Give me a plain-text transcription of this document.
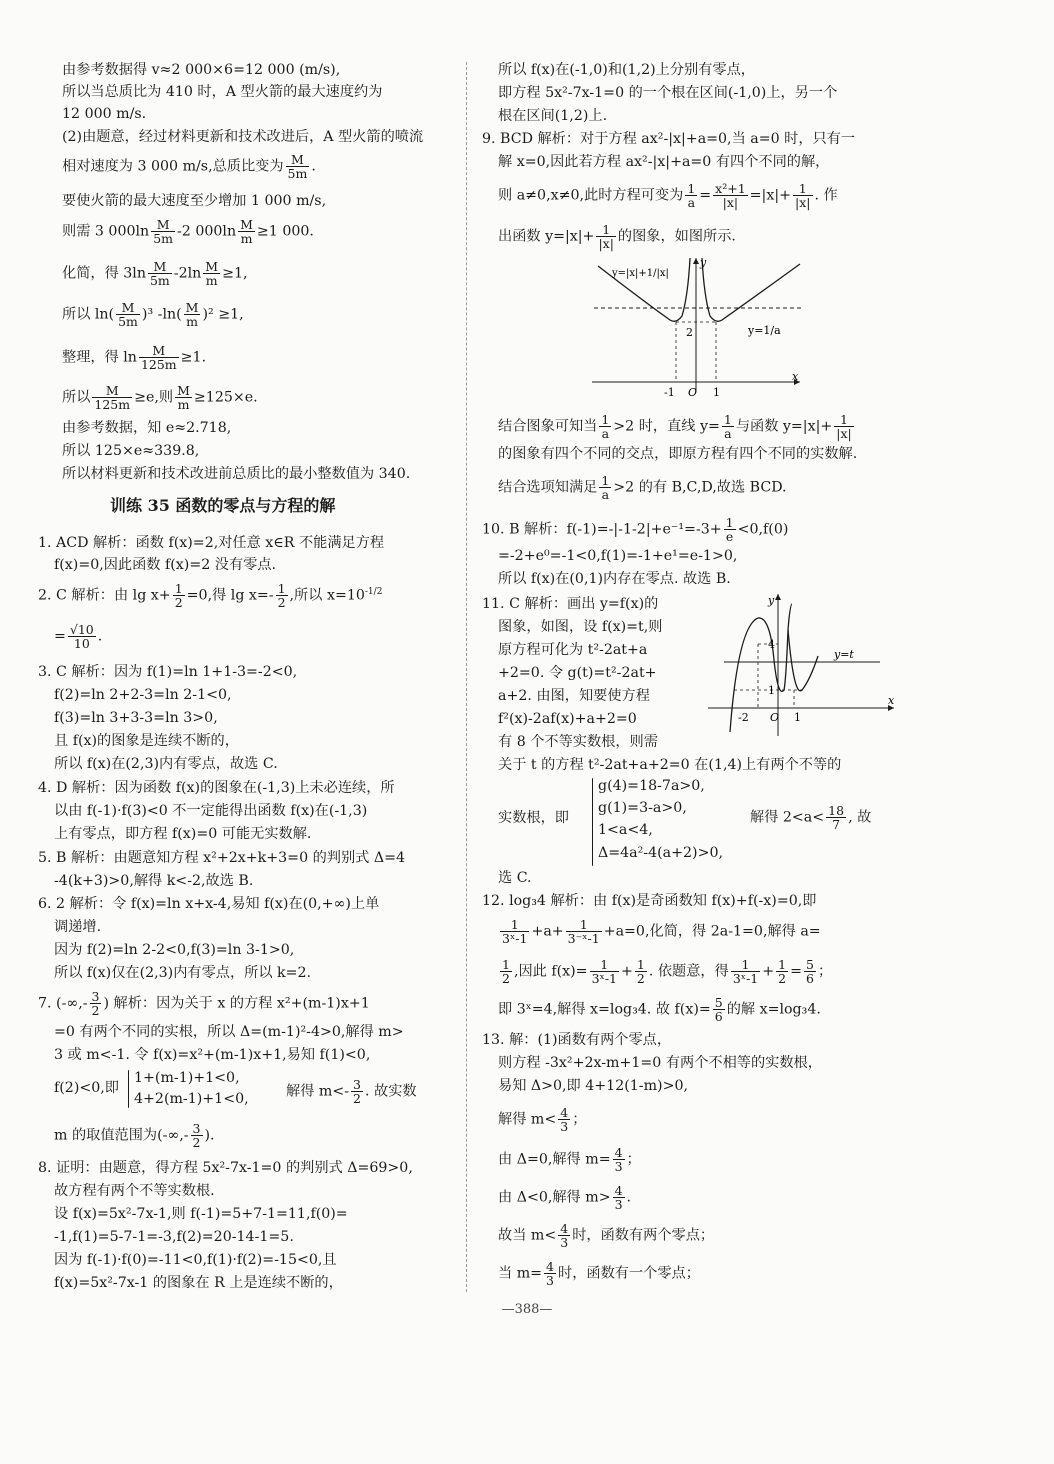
由参考数据得 v≈2 000×6=12 000 (m/s),
所以当总质比为 410 时，A 型火箭的最大速度约为
12 000 m/s.
(2)由题意，经过材料更新和技术改进后，A 型火箭的喷流
相对速度为 3 000 m/s,总质比变为 $\frac{M}{5m}$ .
要使火箭的最大速度至少增加 1 000 m/s,
则需 3 $000\ln \frac{M}{5m} -2$ $000\ln \frac{M}{m} \ge 1$ 000.
化简，得 $3\ln \frac{M}{5m} -2\ln \frac{M}{m} \ge 1$,
所以 $\ln( \frac{M}{5m} )^3$ $-\ln( \frac{M}{m} )^2 \ge 1$,
整理，得 $\ln \frac{M}{125m} \ge 1$.
所以 $\frac{M}{125m} \ge e$,则 $\frac{M}{m} \ge 125\times e$.
由参考数据，知 e≈2.718,
所以 125×e≈339.8,
所以材料更新和技术改进前总质比的最小整数值为 340.
训练 35 函数的零点与方程的解
1. ACD 解析：函数 f(x)=2,对任意 x∈R 不能满足方程
f(x)=0,因此函数 f(x)=2 没有零点.
2. C 解析：由 $\lg x+ \frac{1}{2} =0$,得 $\lg x=- \frac{1}{2}$ ,所以 $x=10^{-1/2}$
= $\frac{√10}{10}$ .
3. C 解析：因为 f(1)=ln 1+1-3=-2<0,
f(2)=ln 2+2-3=ln 2-1<0,
f(3)=ln 3+3-3=ln 3>0,
且 f(x)的图象是连续不断的，
所以 f(x)在(2,3)内有零点，故选 C.
4. D 解析：因为函数 f(x)的图象在(-1,3)上未必连续，所
以由 f(-1)·f(3)<0 不一定能得出函数 f(x)在(-1,3)
上有零点，即方程 f(x)=0 可能无实数解.
5. B 解析：由题意知方程 x²+2x+k+3=0 的判别式 Δ=4
-4(k+3)>0,解得 k<-2,故选 B.
6. 2 解析：令 f(x)=ln x+x-4,易知 f(x)在(0,+∞)上单
调递增.
因为 f(2)=ln 2-2<0,f(3)=ln 3-1>0,
所以 f(x)仅在(2,3)内有零点，所以 k=2.
7. (-∞,- $\frac{3}{2}$ ) 解析：因为关于 x 的方程 x²+(m-1)x+1
=0 有两个不同的实根，所以 Δ=(m-1)²-4>0,解得 m>
3 或 m<-1. 令 f(x)=x²+(m-1)x+1,易知 f(1)<0,
f(2)<0,即
1+(m-1)+1<0,
4+2(m-1)+1<0,	解得 $m<- \frac{3}{2}$ . 故实数
m 的取值范围为(-∞,- $\frac{3}{2}$ ).
8. 证明：由题意，得方程 5x²-7x-1=0 的判别式 Δ=69>0,
故方程有两个不等实数根.
设 f(x)=5x²-7x-1,则 f(-1)=5+7-1=11,f(0)=
-1,f(1)=5-7-1=-3,f(2)=20-14-1=5.
因为 f(-1)·f(0)=-11<0,f(1)·f(2)=-15<0,且
f(x)=5x²-7x-1 的图象在 R 上是连续不断的，
所以 f(x)在(-1,0)和(1,2)上分别有零点，
即方程 5x²-7x-1=0 的一个根在区间(-1,0)上，另一个
根在区间(1,2)上.
9. BCD 解析：对于方程 ax²-|x|+a=0,当 a=0 时，只有一
解 x=0,因此若方程 ax²-|x|+a=0 有四个不同的解，
则 a≠0,x≠0,此时方程可变为 $\frac{1}{a} = \frac{\text{x²+1}}{|x|} =|x|+ \frac{1}{|x|}$ . 作
出函数 $y=|x|+ \frac{1}{|x|}$ 的图象，如图所示.
y=|x|+1/|x|
y=1/a
x
y
-1 O 1
2
结合图象可知当 $\frac{1}{a} >2$ 时，直线 $y= \frac{1}{a}$ 与函数 $y=|x|+ \frac{1}{|x|}$
的图象有四个不同的交点，即原方程有四个不同的实数解.
结合选项知满足 $\frac{1}{a} >2$ 的有 B,C,D,故选 BCD.
10. B 解析：$f(-1)=-|-1-2|+e^{-1}=-3+ \frac{1}{e} <0,f(0)$
=-2+e⁰=-1<0,f(1)=-1+e¹=e-1>0,
所以 f(x)在(0,1)内存在零点. 故选 B.
11. C 解析：画出 y=f(x)的
图象，如图，设 f(x)=t,则
原方程可化为 t²-2at+a
+2=0. 令 g(t)=t²-2at+
a+2. 由图，知要使方程
f²(x)-2af(x)+a+2=0
有 8 个不等实数根，则需
y=t
x
y
-2 O 1
1
4
关于 t 的方程 t²-2at+a+2=0 在(1,4)上有两个不等的
实数根，即
g(4)=18-7a>0,
g(1)=3-a>0,
1<a<4,
Δ=4a²-4(a+2)>0,
解得 $2<a< \frac{18}{7}$ , 故
选 C.
12. log₃4 解析：由 f(x)是奇函数知 f(x)+f(-x)=0,即
$\frac{1}{\text{3ˣ-1}} +a+ \frac{1}{\text{3⁻ˣ-1}} +a=0$,化简，得 2a-1=0,解得 a=
$\frac{1}{2}$ ,因此 $f(x)= \frac{1}{\text{3ˣ-1}} + \frac{1}{2}$ . 依题意，得 $\frac{1}{\text{3ˣ-1}} + \frac{1}{2} = \frac{5}{6}$ ；
即 3ˣ=4,解得 x=log₃4. 故 $f(x)= \frac{5}{6}$ 的解 x=log₃4.
13. 解：(1)函数有两个零点，
则方程 -3x²+2x-m+1=0 有两个不相等的实数根，
易知 Δ>0,即 4+12(1-m)>0,
解得 $m< \frac{4}{3}$ ；
由 Δ=0,解得 $m= \frac{4}{3}$ ；
由 Δ<0,解得 $m> \frac{4}{3}$ .
故当 $m< \frac{4}{3}$ 时，函数有两个零点；
当 $m= \frac{4}{3}$ 时，函数有一个零点；
—388—
